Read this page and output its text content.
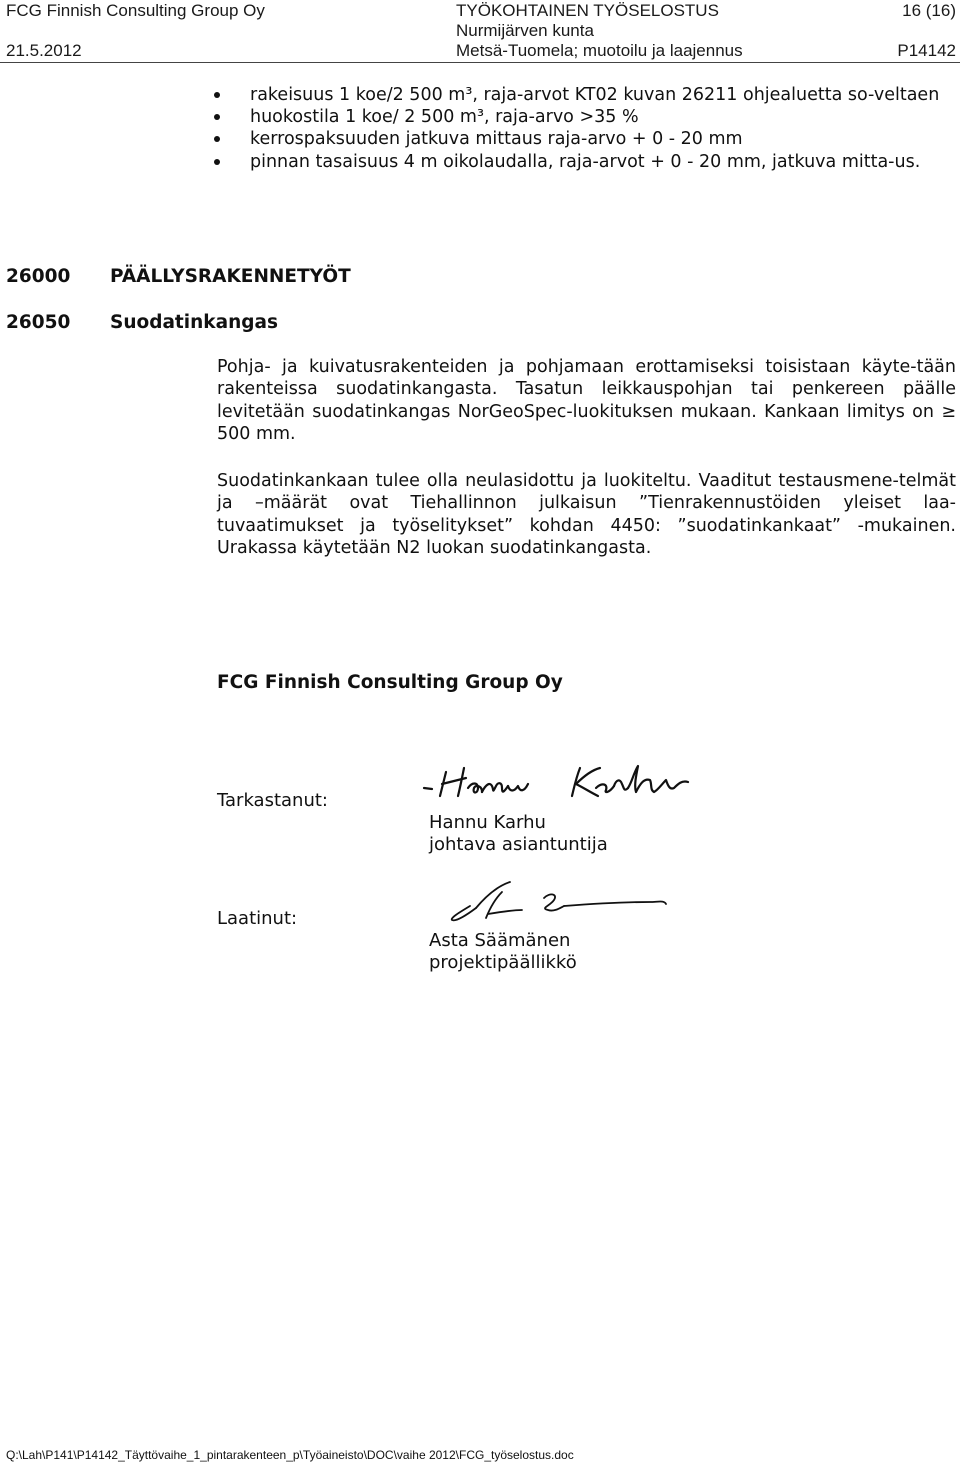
FCG Finnish Consulting Group Oy
21.5.2012
TYÖKOHTAINEN TYÖSELOSTUS
Nurmijärven kunta
Metsä-Tuomela; muotoilu ja laajennus
16 (16)
P14142
rakeisuus 1 koe/2 500 m³, raja-arvot KT02 kuvan 26211 ohjealuetta so-veltaen
huokostila 1 koe/ 2 500 m³, raja-arvo >35 %
kerrospaksuuden jatkuva mittaus raja-arvo + 0 - 20 mm
pinnan tasaisuus 4 m oikolaudalla, raja-arvot + 0 - 20 mm, jatkuva mitta-us.
26000 PÄÄLLYSRAKENNETYÖT
26050 Suodatinkangas

Pohja- ja kuivatusrakenteiden ja pohjamaan erottamiseksi toisistaan käyte-tään rakenteissa suodatinkangasta. Tasatun leikkauspohjan tai penkereen päälle levitetään suodatinkangas NorGeoSpec-luokituksen mukaan. Kankaan limitys on ≥ 500 mm.

Suodatinkankaan tulee olla neulasidottu ja luokiteltu. Vaaditut testausmene-telmät ja –määrät ovat Tiehallinnon julkaisun ”Tienrakennustöiden yleiset laa-tuvaatimukset ja työselitykset” kohdan 4450: ”suodatinkankaat” -mukainen. Urakassa käytetään N2 luokan suodatinkangasta.

FCG Finnish Consulting Group Oy
Tarkastanut:
Hannu Karhu
johtava asiantuntija
Laatinut:
Asta Säämänen
projektipäällikkö
Q:\Lah\P141\P14142_Täyttövaihe_1_pintarakenteen_p\Työaineisto\DOC\vaihe 2012\FCG_työselostus.doc
